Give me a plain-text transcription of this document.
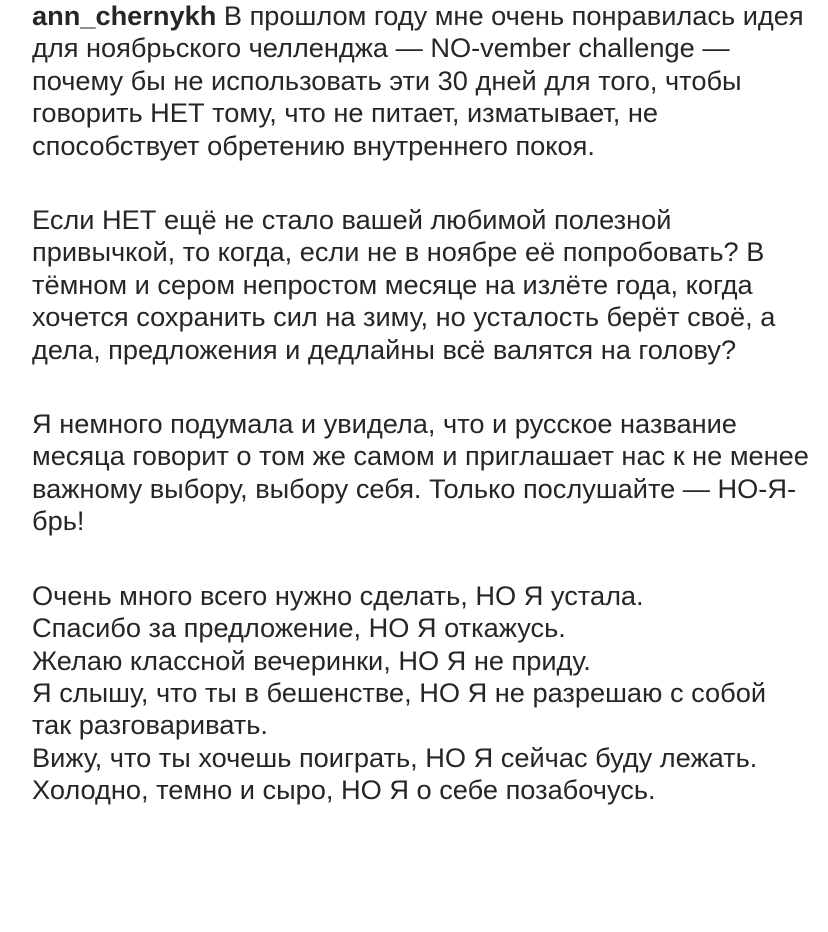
ann_chernykh В прошлом году мне очень понравилась идея для ноябрьского челленджа — NO-vember challenge — почему бы не использовать эти 30 дней для того, чтобы говорить НЕТ тому, что не питает, изматывает, не способствует обретению внутреннего покоя.

Если НЕТ ещё не стало вашей любимой полезной привычкой, то когда, если не в ноябре её попробовать? В тёмном и сером непростом месяце на излёте года, когда хочется сохранить сил на зиму, но усталость берёт своё, а дела, предложения и дедлайны всё валятся на голову?

Я немного подумала и увидела, что и русское название месяца говорит о том же самом и приглашает нас к не менее важному выбору, выбору себя. Только послушайте — НО-Я-брь!

Очень много всего нужно сделать, НО Я устала.

Спасибо за предложение, НО Я откажусь.

Желаю классной вечеринки, НО Я не приду.

Я слышу, что ты в бешенстве, НО Я не разрешаю с собой так разговаривать.

Вижу, что ты хочешь поиграть, НО Я сейчас буду лежать.

Холодно, темно и сыро, НО Я о себе позабочусь.
